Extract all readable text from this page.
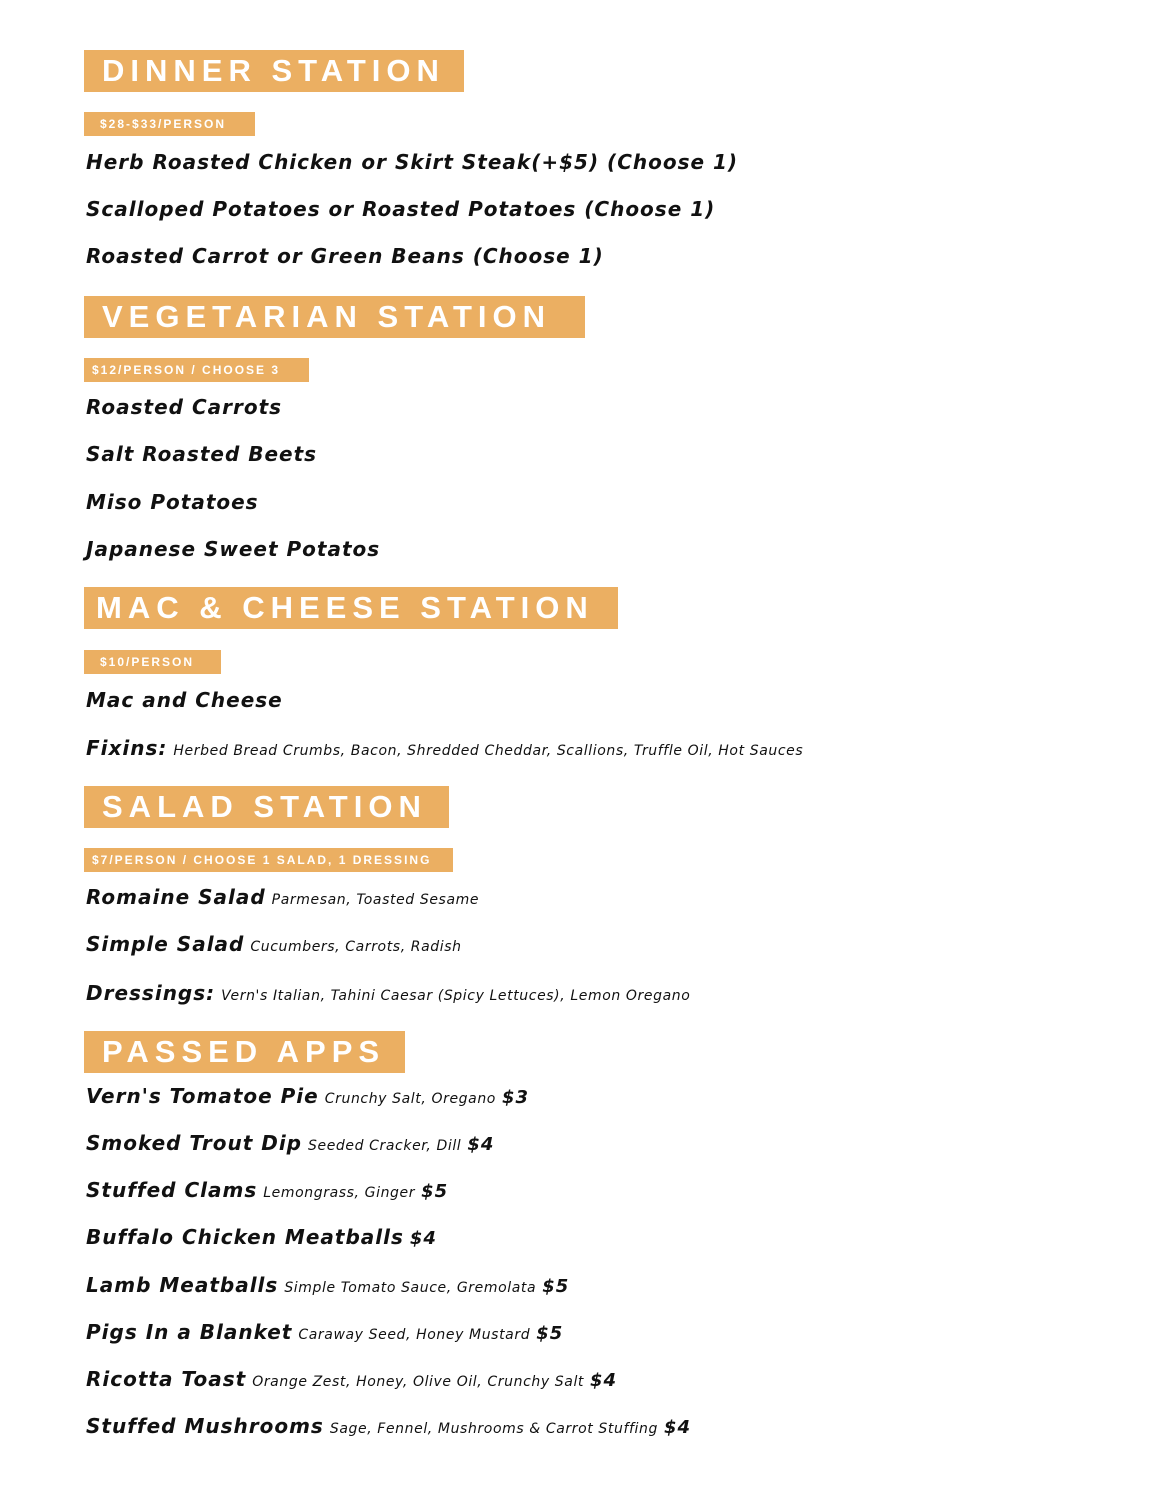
DINNER STATION
$28-$33/PERSON
Herb Roasted Chicken or Skirt Steak(+$5) (Choose 1)
Scalloped Potatoes or Roasted Potatoes (Choose 1)
Roasted Carrot or Green Beans (Choose 1)
VEGETARIAN STATION
$12/PERSON / CHOOSE 3
Roasted Carrots
Salt Roasted Beets
Miso Potatoes
Japanese Sweet Potatos
MAC & CHEESE STATION
$10/PERSON
Mac and Cheese
Fixins: Herbed Bread Crumbs, Bacon, Shredded Cheddar, Scallions, Truffle Oil, Hot Sauces
SALAD STATION
$7/PERSON / CHOOSE 1 SALAD, 1 DRESSING
Romaine Salad Parmesan, Toasted Sesame
Simple Salad Cucumbers, Carrots, Radish
Dressings: Vern's Italian, Tahini Caesar (Spicy Lettuces), Lemon Oregano
PASSED APPS
Vern's Tomatoe Pie Crunchy Salt, Oregano $3
Smoked Trout Dip Seeded Cracker, Dill $4
Stuffed Clams Lemongrass, Ginger $5
Buffalo Chicken Meatballs $4
Lamb Meatballs Simple Tomato Sauce, Gremolata $5
Pigs In a Blanket Caraway Seed, Honey Mustard $5
Ricotta Toast Orange Zest, Honey, Olive Oil, Crunchy Salt $4
Stuffed Mushrooms Sage, Fennel, Mushrooms & Carrot Stuffing $4
